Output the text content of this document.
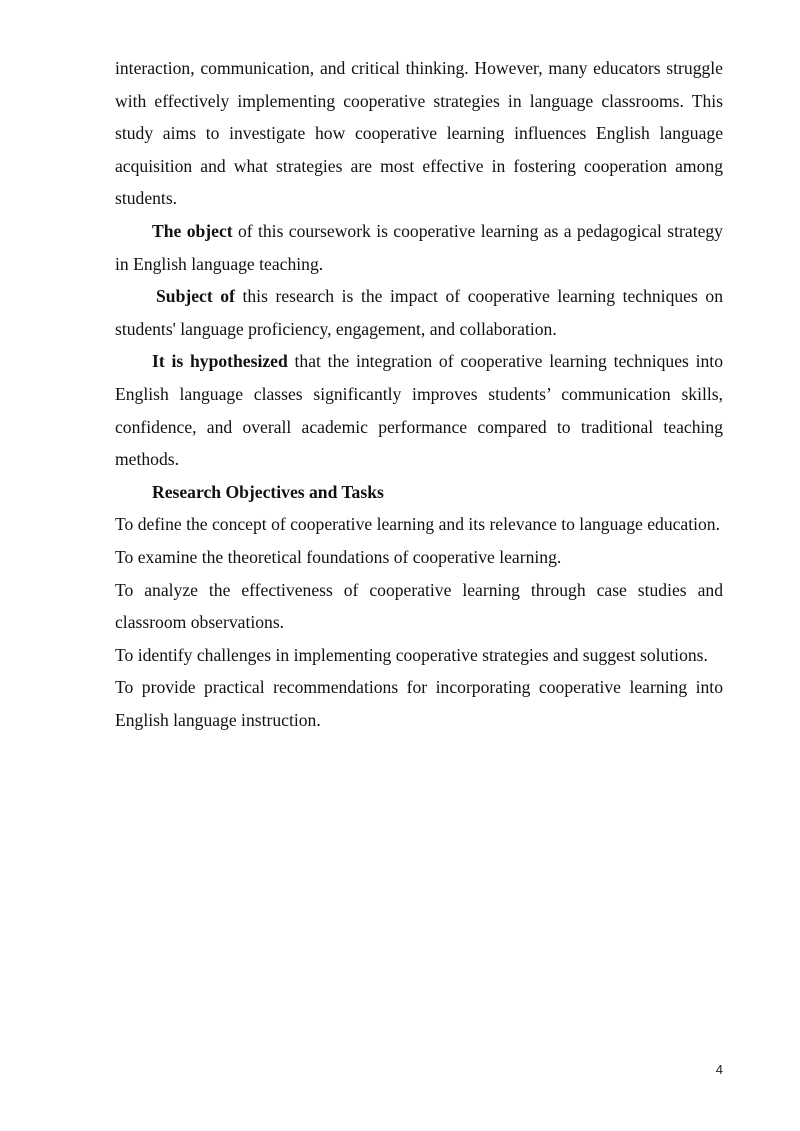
interaction, communication, and critical thinking. However, many educators struggle with effectively implementing cooperative strategies in language classrooms. This study aims to investigate how cooperative learning influences English language acquisition and what strategies are most effective in fostering cooperation among students.

The object of this coursework is cooperative learning as a pedagogical strategy in English language teaching.

Subject of this research is the impact of cooperative learning techniques on students' language proficiency, engagement, and collaboration.

It is hypothesized that the integration of cooperative learning techniques into English language classes significantly improves students’ communication skills, confidence, and overall academic performance compared to traditional teaching methods.

Research Objectives and Tasks

To define the concept of cooperative learning and its relevance to language education.

To examine the theoretical foundations of cooperative learning.

To analyze the effectiveness of cooperative learning through case studies and classroom observations.

To identify challenges in implementing cooperative strategies and suggest solutions.

To provide practical recommendations for incorporating cooperative learning into English language instruction.

4
